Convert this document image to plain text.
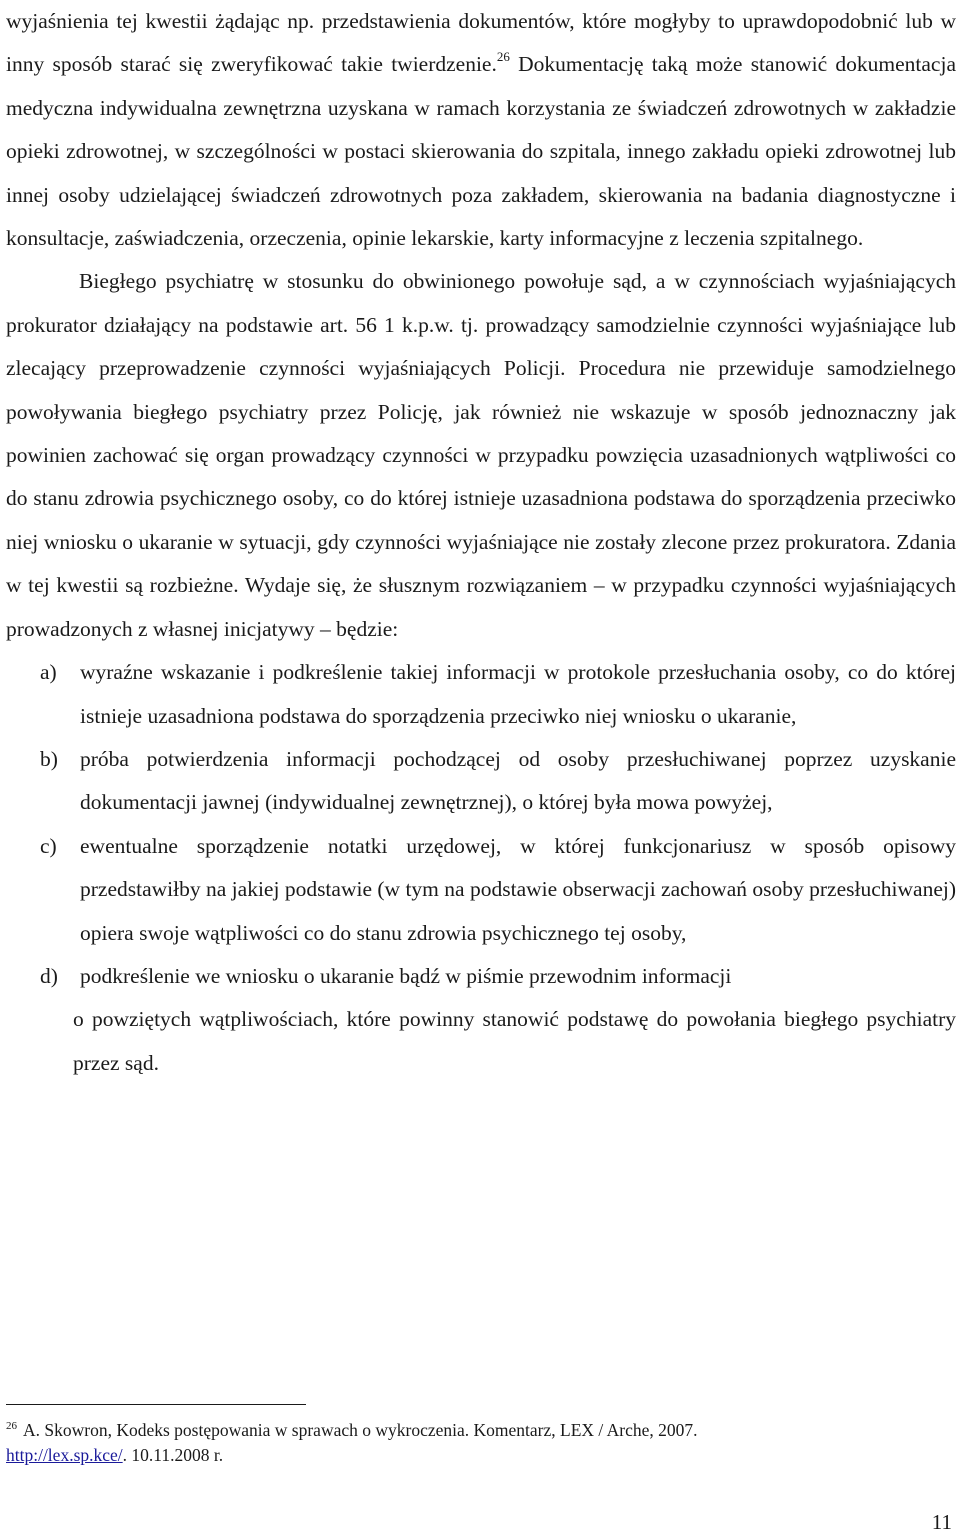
wyjaśnienia tej kwestii żądając np. przedstawienia dokumentów, które mogłyby to uprawdopodobnić lub w inny sposób starać się zweryfikować takie twierdzenie.$^{26}$ Dokumentację taką może stanowić dokumentacja medyczna indywidualna zewnętrzna uzyskana w ramach korzystania ze świadczeń zdrowotnych w zakładzie opieki zdrowotnej, w szczególności w postaci skierowania do szpitala, innego zakładu opieki zdrowotnej lub innej osoby udzielającej świadczeń zdrowotnych poza zakładem, skierowania na badania diagnostyczne i konsultacje, zaświadczenia, orzeczenia, opinie lekarskie, karty informacyjne z leczenia szpitalnego.

Biegłego psychiatrę w stosunku do obwinionego powołuje sąd, a w czynnościach wyjaśniających prokurator działający na podstawie art. 56 1 k.p.w. tj. prowadzący samodzielnie czynności wyjaśniające lub zlecający przeprowadzenie czynności wyjaśniających Policji. Procedura nie przewiduje samodzielnego powoływania biegłego psychiatry przez Policję, jak również nie wskazuje w sposób jednoznaczny jak powinien zachować się organ prowadzący czynności w przypadku powzięcia uzasadnionych wątpliwości co do stanu zdrowia psychicznego osoby, co do której istnieje uzasadniona podstawa do sporządzenia przeciwko niej wniosku o ukaranie w sytuacji, gdy czynności wyjaśniające nie zostały zlecone przez prokuratora. Zdania w tej kwestii są rozbieżne. Wydaje się, że słusznym rozwiązaniem – w przypadku czynności wyjaśniających prowadzonych z własnej inicjatywy – będzie:

a) wyraźne wskazanie i podkreślenie takiej informacji w protokole przesłuchania osoby, co do której istnieje uzasadniona podstawa do sporządzenia przeciwko niej wniosku o ukaranie,
b) próba potwierdzenia informacji pochodzącej od osoby przesłuchiwanej poprzez uzyskanie dokumentacji jawnej (indywidualnej zewnętrznej), o której była mowa powyżej,
c) ewentualne sporządzenie notatki urzędowej, w której funkcjonariusz w sposób opisowy przedstawiłby na jakiej podstawie (w tym na podstawie obserwacji zachowań osoby przesłuchiwanej) opiera swoje wątpliwości co do stanu zdrowia psychicznego tej osoby,
d) podkreślenie we wniosku o ukaranie bądź w piśmie przewodnim informacji

o powziętych wątpliwościach, które powinny stanowić podstawę do powołania biegłego psychiatry przez sąd.

$^{26}$ A. Skowron, Kodeks postępowania w sprawach o wykroczenia. Komentarz, LEX / Arche, 2007.
http://lex.sp.kce/. 10.11.2008 r.
11
